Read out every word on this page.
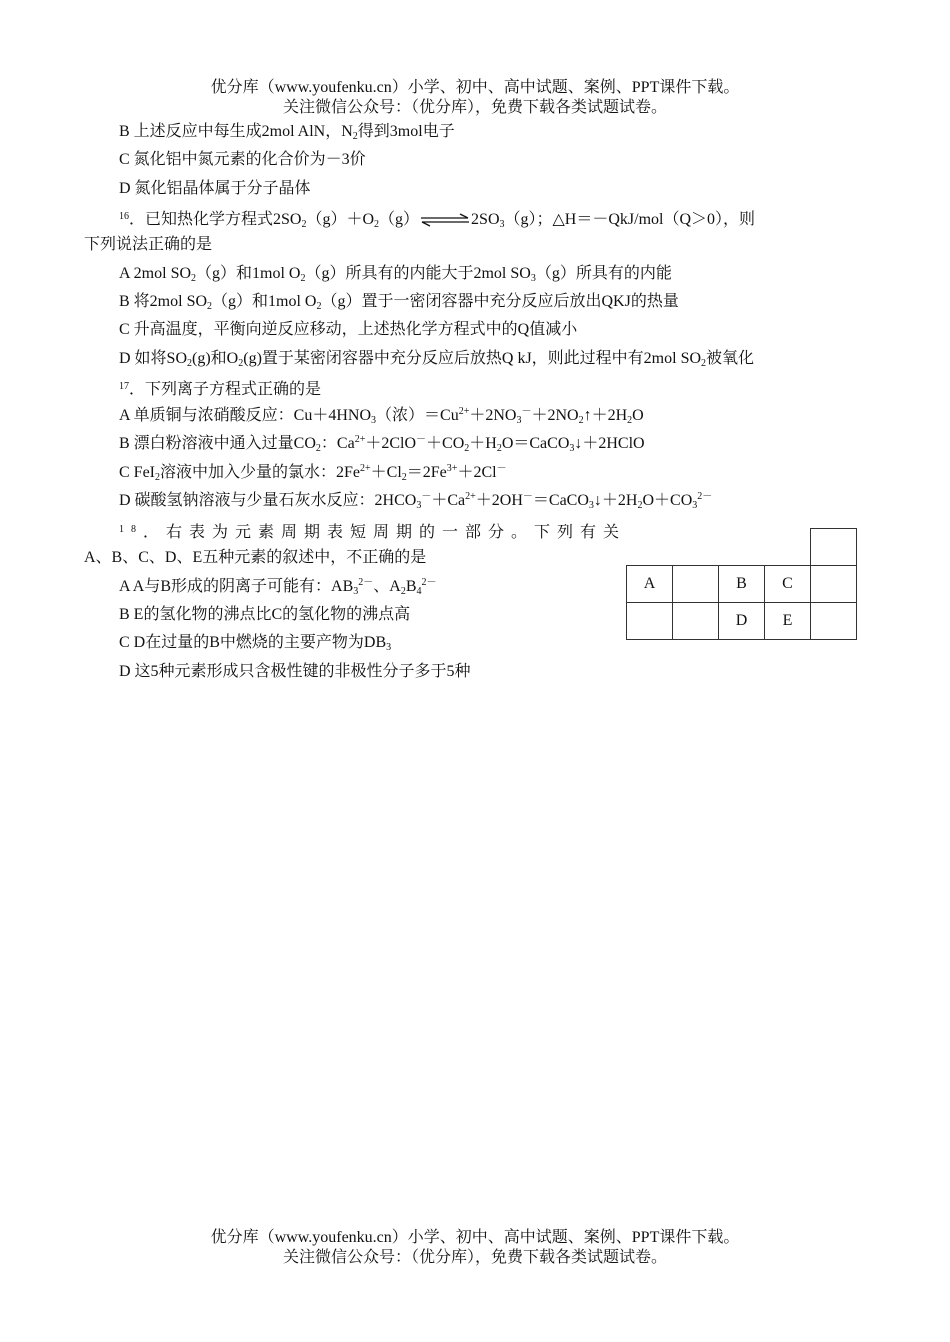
优分库（www.youfenku.cn）小学、初中、高中试题、案例、PPT课件下载。
关注微信公众号：（优分库），免费下载各类试题试卷。
B 上述反应中每生成2mol AlN，$N_2$得到3mol电子
C 氮化铝中氮元素的化合价为－3价
D 氮化铝晶体属于分子晶体
$^{16}$．已知热化学方程式$2SO_2(g)+O_2(g)\rightleftharpoons 2SO_3(g)$；△H＝－QkJ/mol（Q＞0），则
下列说法正确的是
A 2mol $SO_2(g)$和1mol $O_2(g)$所具有的内能大于2mol $SO_3(g)$所具有的内能
B 将2mol $SO_2(g)$和1mol $O_2(g)$置于一密闭容器中充分反应后放出QKJ的热量
C 升高温度，平衡向逆反应移动，上述热化学方程式中的Q值减小
D 如将$SO_2(g)$和$O_2(g)$置于某密闭容器中充分反应后放热Q kJ，则此过程中有2mol $SO_2$被氧化
$^{17}$．下列离子方程式正确的是
A 单质铜与浓硝酸反应：$Cu+4HNO_3$（浓）$=Cu^{2+}+2NO_3^-+2NO_2↑+2H_2O$
B 漂白粉溶液中通入过量$CO_2$：$Ca^{2+}+2ClO^-+CO_2+H_2O=CaCO_3↓+2HClO$
C FeI$_2$溶液中加入少量的氯水：$2Fe^{2+}+Cl_2=2Fe^{3+}+2Cl^-$
D 碳酸氢钠溶液与少量石灰水反应：$2HCO_3^-+Ca^{2+}+2OH^-=CaCO_3↓+2H_2O+CO_3^{2-}$
$^{18}$．右表为元素周期表短周期的一部分。下列有关
A、B、C、D、E五种元素的叙述中，不正确的是
A A与B形成的阴离子可能有：$AB_3^{2-}$、$A_2B_4^{2-}$
B E的氢化物的沸点比C的氢化物的沸点高
C D在过量的B中燃烧的主要产物为$DB_3$
D 这5种元素形成只含极性键的非极性分子多于5种

A		B	C	
		D	E	
优分库（www.youfenku.cn）小学、初中、高中试题、案例、PPT课件下载。
关注微信公众号：（优分库），免费下载各类试题试卷。
